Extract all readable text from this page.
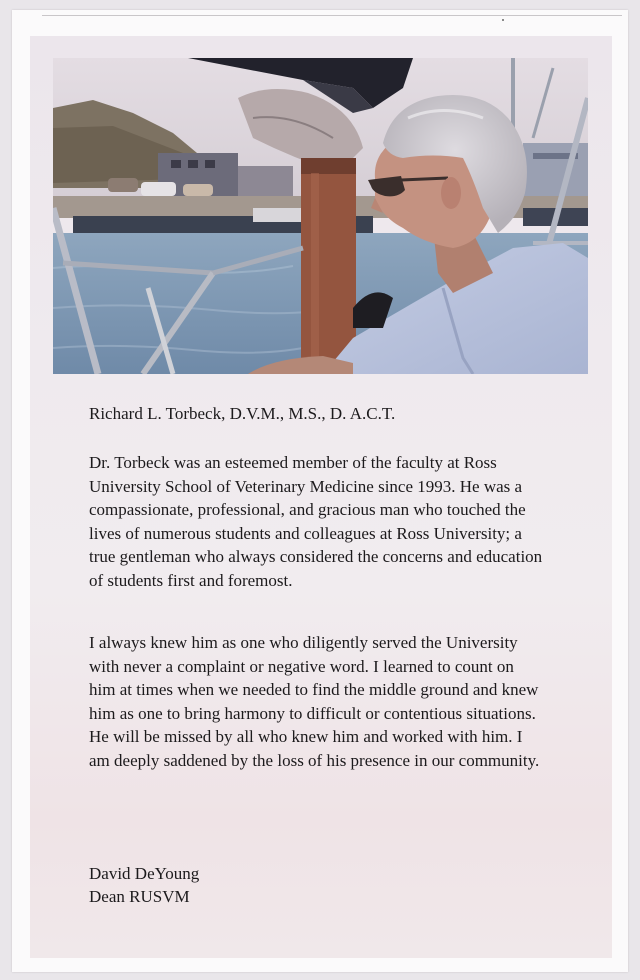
Richard L. Torbeck, D.V.M., M.S., D. A.C.T.

Dr. Torbeck was an esteemed member of the faculty at Ross University School of Veterinary Medicine since 1993. He was a compassionate, professional, and gracious man who touched the lives of numerous students and colleagues at Ross University; a true gentleman who always considered the concerns and education of students first and foremost.

I always knew him as one who diligently served the University with never a complaint or negative word. I learned to count on him at times when we needed to find the middle ground and knew him as one to bring harmony to difficult or contentious situations. He will be missed by all who knew him and worked with him. I am deeply saddened by the loss of his presence in our community.

David DeYoung
Dean RUSVM
